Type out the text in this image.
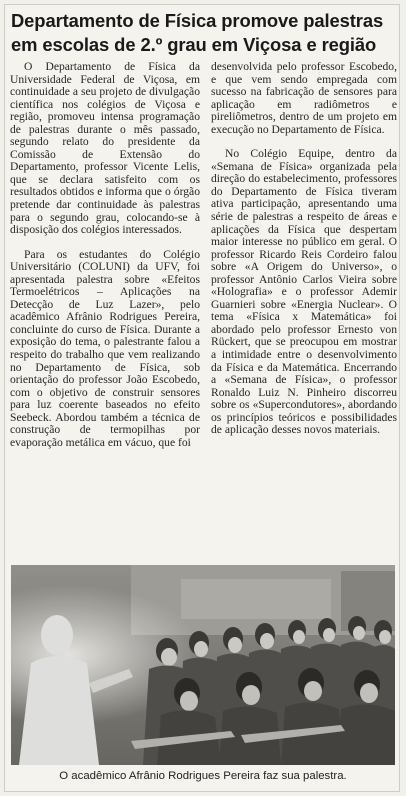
Departamento de Física promove palestras em escolas de 2.º grau em Viçosa e região

O Departamento de Física da Universidade Federal de Viçosa, em continuidade a seu projeto de divulgação científica nos colégios de Viçosa e região, promoveu intensa programação de palestras durante o mês passado, segundo relato do presidente da Comissão de Extensão do Departamento, professor Vicente Lelis, que se declara satisfeito com os resultados obtidos e informa que o órgão pretende dar continuidade às palestras para o segundo grau, colocando-se à disposição dos colégios interessados.

Para os estudantes do Colégio Universitário (COLUNI) da UFV, foi apresentada palestra sobre «Efeitos Termoelétricos – Aplicações na Detecção de Luz Lazer», pelo acadêmico Afrânio Rodrigues Pereira, concluinte do curso de Física. Durante a exposição do tema, o palestrante falou a respeito do trabalho que vem realizando no Departamento de Física, sob orientação do professor João Escobedo, com o objetivo de construir sensores para luz coerente baseados no efeito Seebeck. Abordou também a técnica de construção de termopilhas por evaporação metálica em vácuo, que foi

desenvolvida pelo professor Escobedo, e que vem sendo empregada com sucesso na fabricação de sensores para aplicação em radiômetros e pireliômetros, dentro de um projeto em execução no Departamento de Física.

No Colégio Equipe, dentro da «Semana de Física» organizada pela direção do estabelecimento, professores do Departamento de Física tiveram ativa participação, apresentando uma série de palestras a respeito de áreas e aplicações da Física que despertam maior interesse no público em geral. O professor Ricardo Reis Cordeiro falou sobre «A Origem do Universo», o professor Antônio Carlos Vieira sobre «Holografia» e o professor Ademir Guarnieri sobre «Energia Nuclear». O tema «Física x Matemática» foi abordado pelo professor Ernesto von Rückert, que se preocupou em mostrar a intimidade entre o desenvolvimento da Física e da Matemática. Encerrando a «Semana de Física», o professor Ronaldo Luiz N. Pinheiro discorreu sobre os «Supercondutores», abordando os princípios teóricos e possibilidades de aplicação desses novos materiais.

O acadêmico Afrânio Rodrigues Pereira faz sua palestra.
